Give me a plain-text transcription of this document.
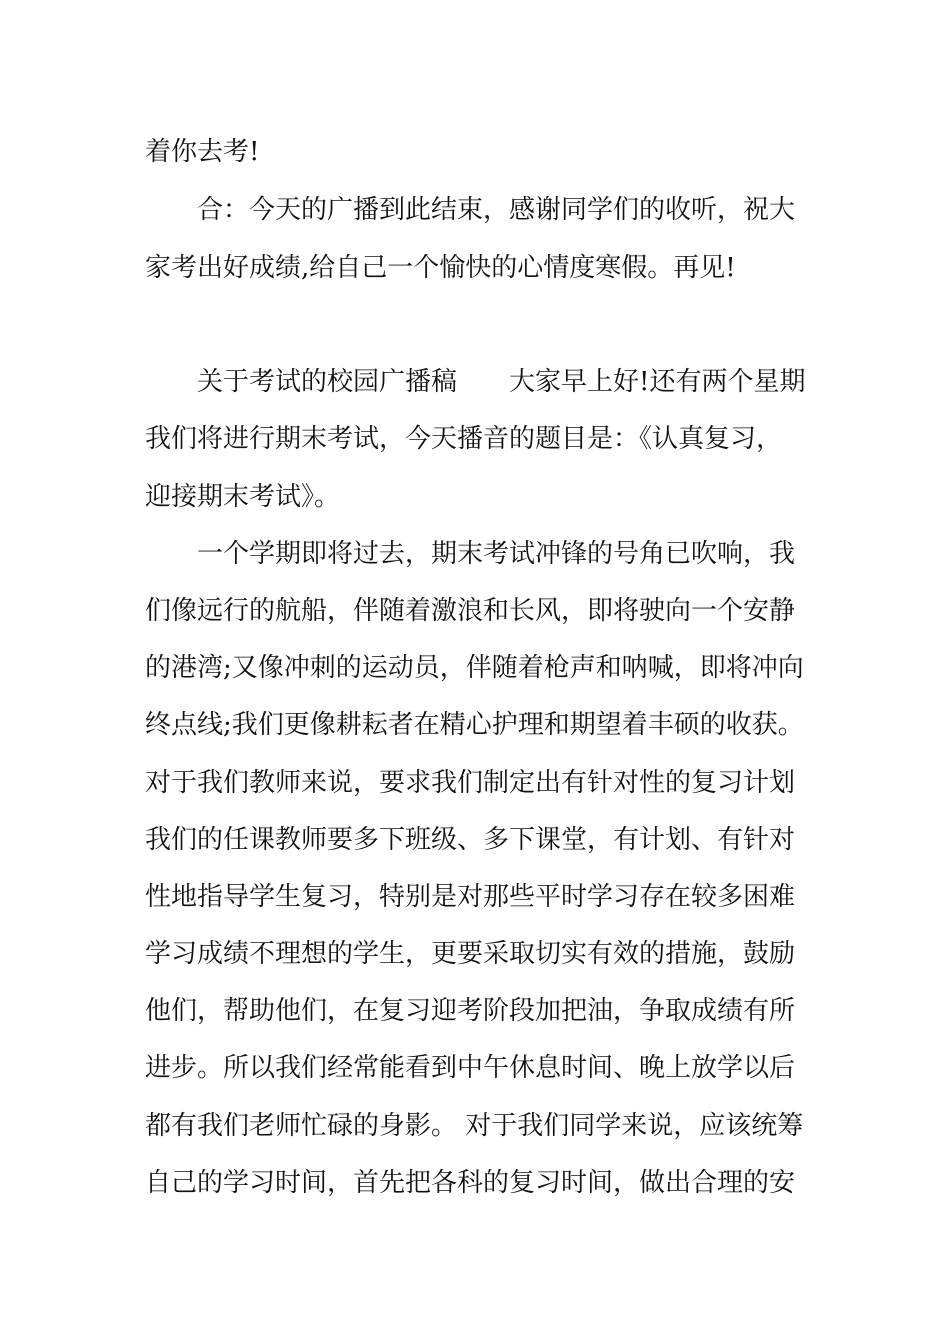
着你去考!
合：今天的广播到此结束，感谢同学们的收听，祝大
家考出好成绩,给自己一个愉快的心情度寒假。再见!
关于考试的校园广播稿　　大家早上好!还有两个星期
我们将进行期末考试，今天播音的题目是：《认真复习，
迎接期末考试》。
一个学期即将过去，期末考试冲锋的号角已吹响，我
们像远行的航船，伴随着激浪和长风，即将驶向一个安静
的港湾;又像冲刺的运动员，伴随着枪声和呐喊，即将冲向
终点线;我们更像耕耘者在精心护理和期望着丰硕的收获。
对于我们教师来说，要求我们制定出有针对性的复习计划
我们的任课教师要多下班级、多下课堂，有计划、有针对
性地指导学生复习，特别是对那些平时学习存在较多困难
学习成绩不理想的学生，更要采取切实有效的措施，鼓励
他们，帮助他们，在复习迎考阶段加把油，争取成绩有所
进步。所以我们经常能看到中午休息时间、晚上放学以后
都有我们老师忙碌的身影。 对于我们同学来说，应该统筹
自己的学习时间，首先把各科的复习时间，做出合理的安
